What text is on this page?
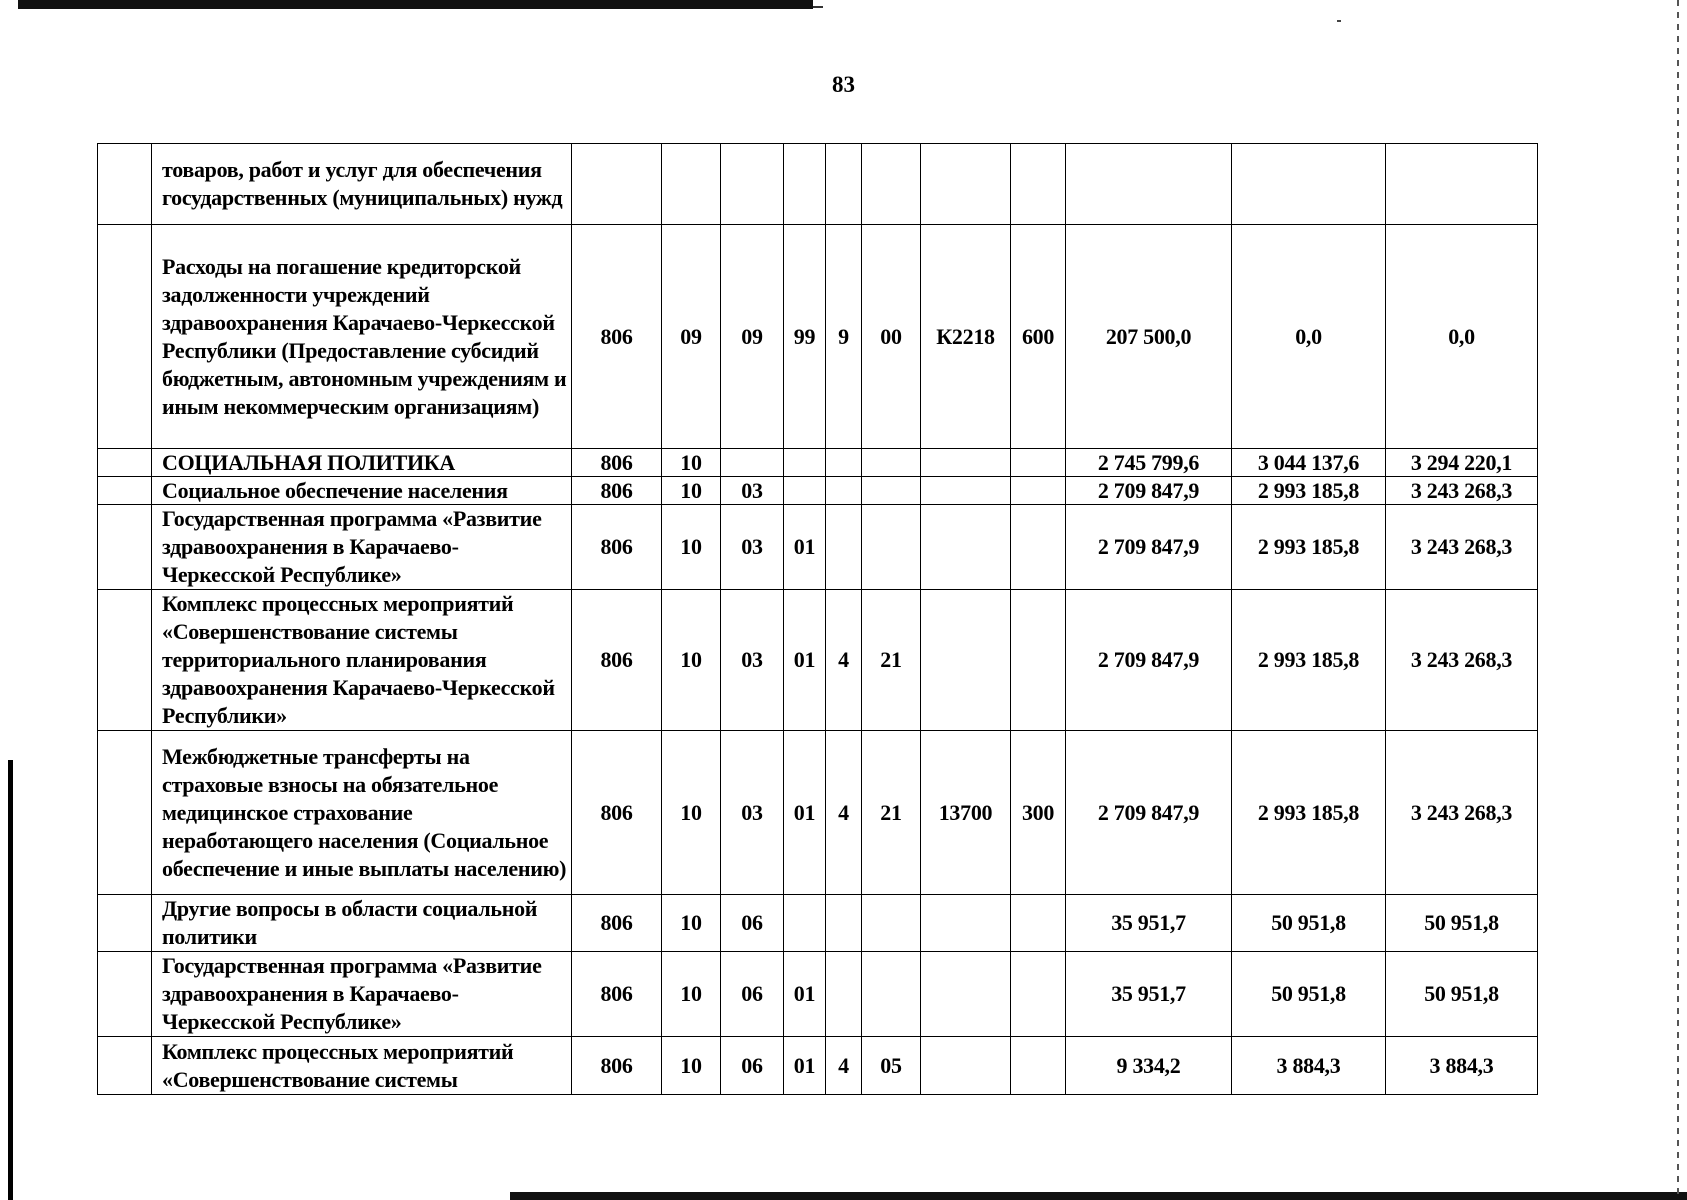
83
	товаров, работ и услуг для обеспечения государственных (муниципальных) нужд											
	Расходы на погашение кредиторской задолженности учреждений здравоохранения Карачаево-Черкесской Республики (Предоставление субсидий бюджетным, автономным учреждениям и иным некоммерческим организациям)	806	09	09	99	9	00	К2218	600	207 500,0	0,0	0,0
	СОЦИАЛЬНАЯ ПОЛИТИКА	806	10							2 745 799,6	3 044 137,6	3 294 220,1
	Социальное обеспечение населения	806	10	03						2 709 847,9	2 993 185,8	3 243 268,3
	Государственная программа «Развитие здравоохранения в Карачаево-Черкесской Республике»	806	10	03	01					2 709 847,9	2 993 185,8	3 243 268,3
	Комплекс процессных мероприятий «Совершенствование системы территориального планирования здравоохранения Карачаево-Черкесской Республики»	806	10	03	01	4	21			2 709 847,9	2 993 185,8	3 243 268,3
	Межбюджетные трансферты на страховые взносы на обязательное медицинское страхование неработающего населения (Социальное обеспечение и иные выплаты населению)	806	10	03	01	4	21	13700	300	2 709 847,9	2 993 185,8	3 243 268,3
	Другие вопросы в области социальной политики	806	10	06						35 951,7	50 951,8	50 951,8
	Государственная программа «Развитие здравоохранения в Карачаево-Черкесской Республике»	806	10	06	01					35 951,7	50 951,8	50 951,8
	Комплекс процессных мероприятий «Совершенствование системы	806	10	06	01	4	05			9 334,2	3 884,3	3 884,3
